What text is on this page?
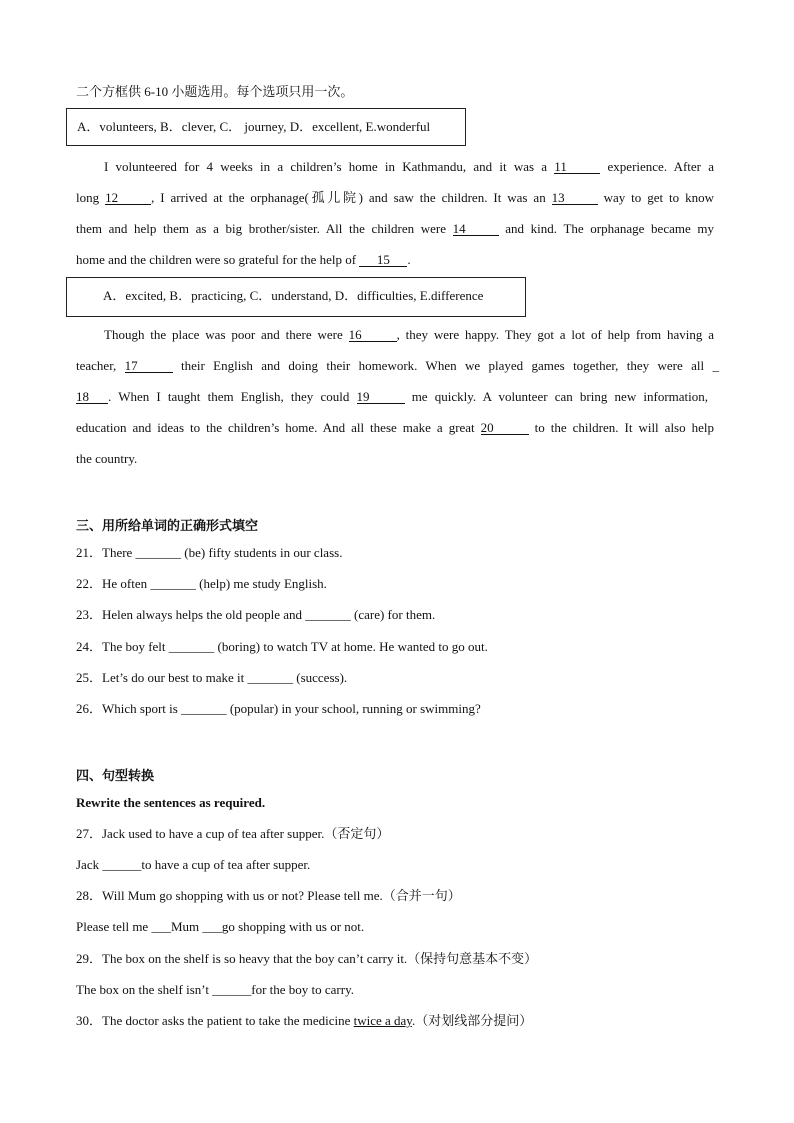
二个方框供 6-10 小题选用。每个选项只用一次。
A．volunteers, B．clever, C． journey, D．excellent, E.wonderful
I volunteered for 4 weeks in a children’s home in Kathmandu, and it was a 11	experience. After a
long 12	, I arrived at the orphanage(孤儿院) and saw the children. It was an 13	way to get to know
them and help them as a big brother/sister. All the children were 14	and kind. The orphanage became my
home and the children were so grateful for the help of 15 .
A．excited, B．practicing, C．understand, D．difficulties, E.difference
Though the place was poor and there were 16	, they were happy. They got a lot of help from having a
teacher, 17	their English and doing their homework. When we played games together, they were all _
18 . When I taught them English, they could 19	me quickly. A volunteer can bring new information,
education and ideas to the children’s home. And all these make a great 20	to the children. It will also help
the country.
三、用所给单词的正确形式填空
21．There _______ (be) fifty students in our class.
22．He often _______ (help) me study English.
23．Helen always helps the old people and _______ (care) for them.
24．The boy felt _______ (boring) to watch TV at home. He wanted to go out.
25．Let’s do our best to make it _______ (success).
26．Which sport is _______ (popular) in your school, running or swimming?
四、句型转换
Rewrite the sentences as required.
27．Jack used to have a cup of tea after supper.（否定句）
Jack ______to have a cup of tea after supper.
28．Will Mum go shopping with us or not? Please tell me.（合并一句）
Please tell me ___Mum ___go shopping with us or not.
29．The box on the shelf is so heavy that the boy can’t carry it.（保持句意基本不变）
The box on the shelf isn’t ______for the boy to carry.
30．The doctor asks the patient to take the medicine twice a day.（对划线部分提问）
